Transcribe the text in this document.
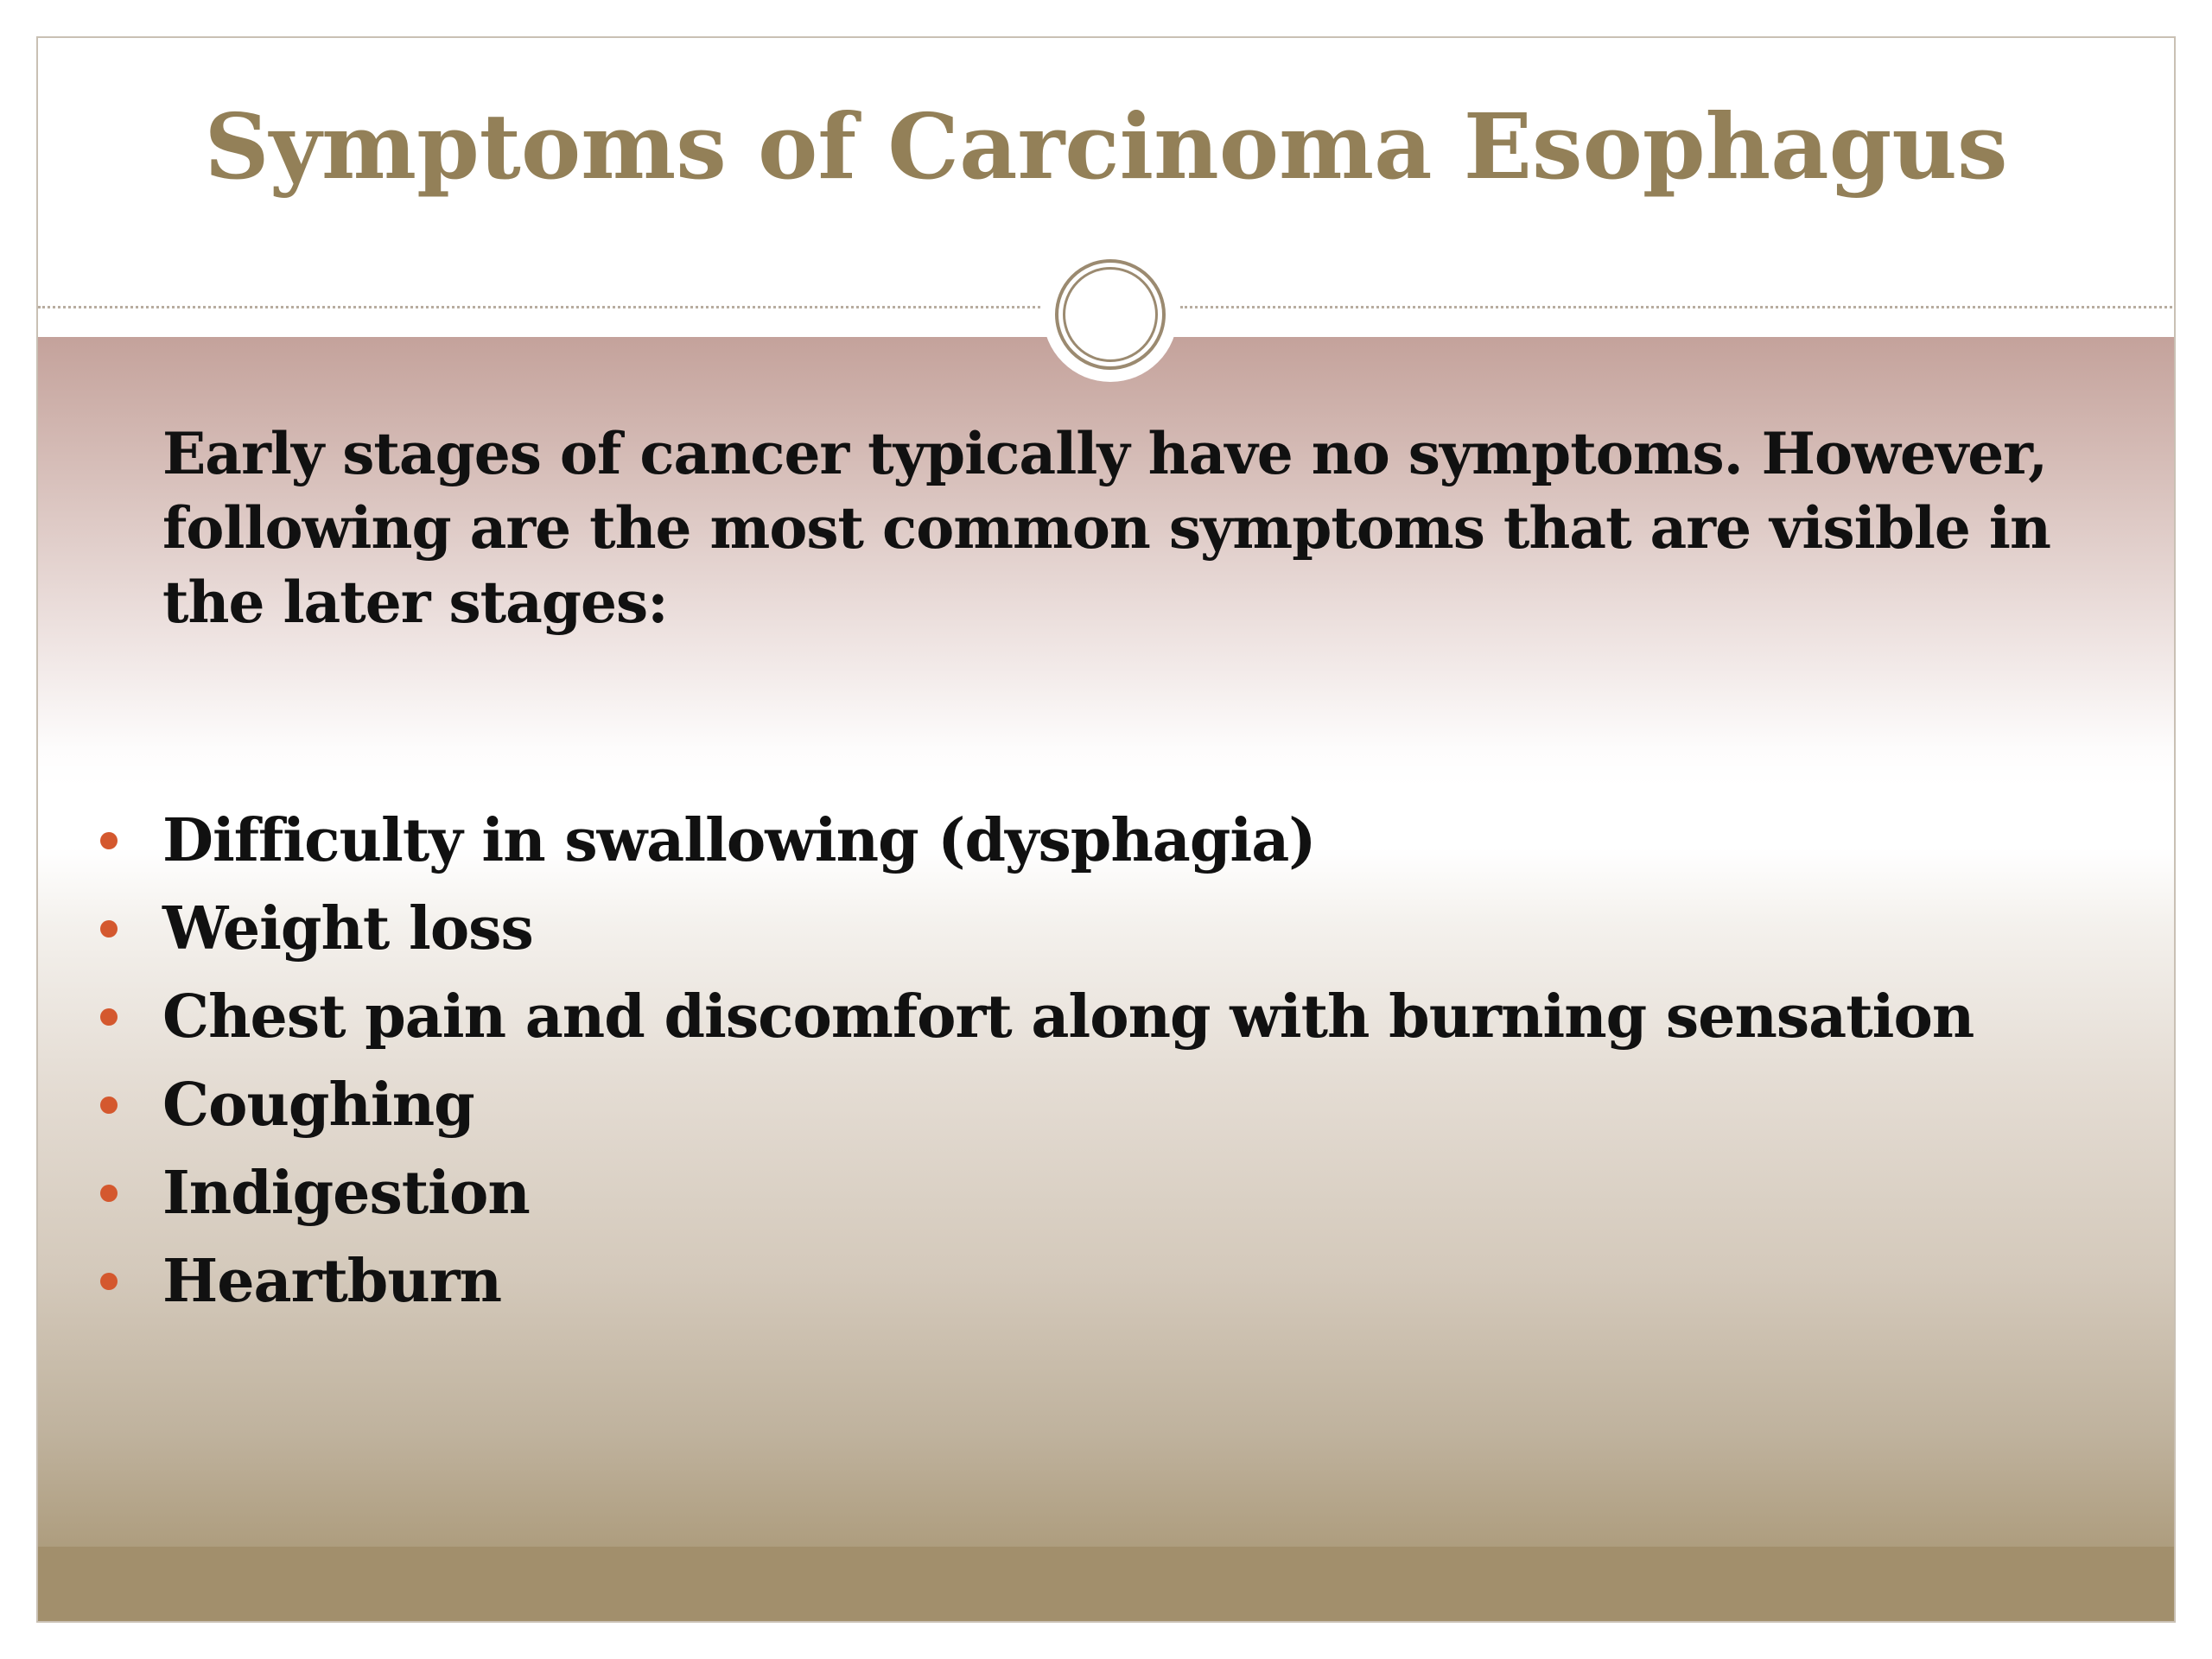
Symptoms of Carcinoma Esophagus

Early stages of cancer typically have no symptoms. However, following are the most common symptoms that are visible in the later stages:

Difficulty in swallowing (dysphagia)
Weight loss
Chest pain and discomfort along with burning sensation
Coughing
Indigestion
Heartburn
